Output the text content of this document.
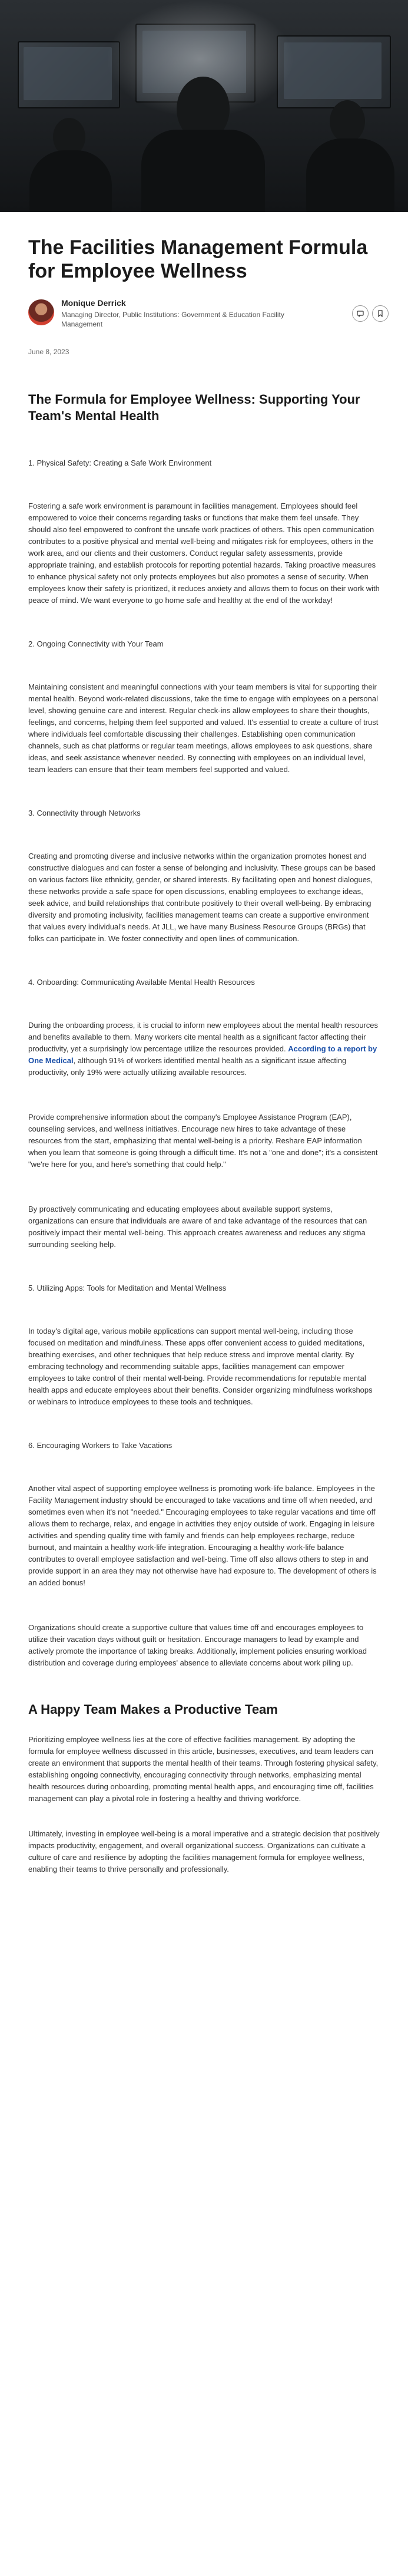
The Facilities Management Formula for Employee Wellness
Monique Derrick
Managing Director, Public Institutions: Government & Education Facility Management
June 8, 2023
The Formula for Employee Wellness: Supporting Your Team's Mental Health
1. Physical Safety: Creating a Safe Work Environment

Fostering a safe work environment is paramount in facilities management. Employees should feel empowered to voice their concerns regarding tasks or functions that make them feel unsafe. They should also feel empowered to confront the unsafe work practices of others. This open communication contributes to a positive physical and mental well-being and mitigates risk for employees, others in the work area, and our clients and their customers. Conduct regular safety assessments, provide appropriate training, and establish protocols for reporting potential hazards. Taking proactive measures to enhance physical safety not only protects employees but also promotes a sense of security. When employees know their safety is prioritized, it reduces anxiety and allows them to focus on their work with peace of mind. We want everyone to go home safe and healthy at the end of the workday!

2. Ongoing Connectivity with Your Team

Maintaining consistent and meaningful connections with your team members is vital for supporting their mental health. Beyond work-related discussions, take the time to engage with employees on a personal level, showing genuine care and interest. Regular check-ins allow employees to share their thoughts, feelings, and concerns, helping them feel supported and valued. It's essential to create a culture of trust where individuals feel comfortable discussing their challenges. Establishing open communication channels, such as chat platforms or regular team meetings, allows employees to ask questions, share ideas, and seek assistance whenever needed. By connecting with employees on an individual level, team leaders can ensure that their team members feel supported and valued.

3. Connectivity through Networks

Creating and promoting diverse and inclusive networks within the organization promotes honest and constructive dialogues and can foster a sense of belonging and inclusivity. These groups can be based on various factors like ethnicity, gender, or shared interests. By facilitating open and honest dialogues, these networks provide a safe space for open discussions, enabling employees to exchange ideas, seek advice, and build relationships that contribute positively to their overall well-being. By embracing diversity and promoting inclusivity, facilities management teams can create a supportive environment that values every individual's needs. At JLL, we have many Business Resource Groups (BRGs) that folks can participate in. We foster connectivity and open lines of communication.

4. Onboarding: Communicating Available Mental Health Resources

During the onboarding process, it is crucial to inform new employees about the mental health resources and benefits available to them. Many workers cite mental health as a significant factor affecting their productivity, yet a surprisingly low percentage utilize the resources provided. According to a report by One Medical, although 91% of workers identified mental health as a significant issue affecting productivity, only 19% were actually utilizing available resources.

Provide comprehensive information about the company's Employee Assistance Program (EAP), counseling services, and wellness initiatives. Encourage new hires to take advantage of these resources from the start, emphasizing that mental well-being is a priority. Reshare EAP information when you learn that someone is going through a difficult time. It's not a "one and done"; it's a consistent "we're here for you, and here's something that could help."

By proactively communicating and educating employees about available support systems, organizations can ensure that individuals are aware of and take advantage of the resources that can positively impact their mental well-being. This approach creates awareness and reduces any stigma surrounding seeking help.

5. Utilizing Apps: Tools for Meditation and Mental Wellness

In today's digital age, various mobile applications can support mental well-being, including those focused on meditation and mindfulness. These apps offer convenient access to guided meditations, breathing exercises, and other techniques that help reduce stress and improve mental clarity. By embracing technology and recommending suitable apps, facilities management can empower employees to take control of their mental well-being. Provide recommendations for reputable mental health apps and educate employees about their benefits. Consider organizing mindfulness workshops or webinars to introduce employees to these tools and techniques.

6. Encouraging Workers to Take Vacations

Another vital aspect of supporting employee wellness is promoting work-life balance. Employees in the Facility Management industry should be encouraged to take vacations and time off when needed, and sometimes even when it's not "needed." Encouraging employees to take regular vacations and time off allows them to recharge, relax, and engage in activities they enjoy outside of work. Engaging in leisure activities and spending quality time with family and friends can help employees recharge, reduce burnout, and maintain a healthy work-life integration. Encouraging a healthy work-life balance contributes to overall employee satisfaction and well-being. Time off also allows others to step in and provide support in an area they may not otherwise have had exposure to. The development of others is an added bonus!

Organizations should create a supportive culture that values time off and encourages employees to utilize their vacation days without guilt or hesitation. Encourage managers to lead by example and actively promote the importance of taking breaks. Additionally, implement policies ensuring workload distribution and coverage during employees' absence to alleviate concerns about work piling up.

A Happy Team Makes a Productive Team

Prioritizing employee wellness lies at the core of effective facilities management. By adopting the formula for employee wellness discussed in this article, businesses, executives, and team leaders can create an environment that supports the mental health of their teams. Through fostering physical safety, establishing ongoing connectivity, encouraging connectivity through networks, emphasizing mental health resources during onboarding, promoting mental health apps, and encouraging time off, facilities management can play a pivotal role in fostering a healthy and thriving workforce.

Ultimately, investing in employee well-being is a moral imperative and a strategic decision that positively impacts productivity, engagement, and overall organizational success. Organizations can cultivate a culture of care and resilience by adopting the facilities management formula for employee wellness, enabling their teams to thrive personally and professionally.
